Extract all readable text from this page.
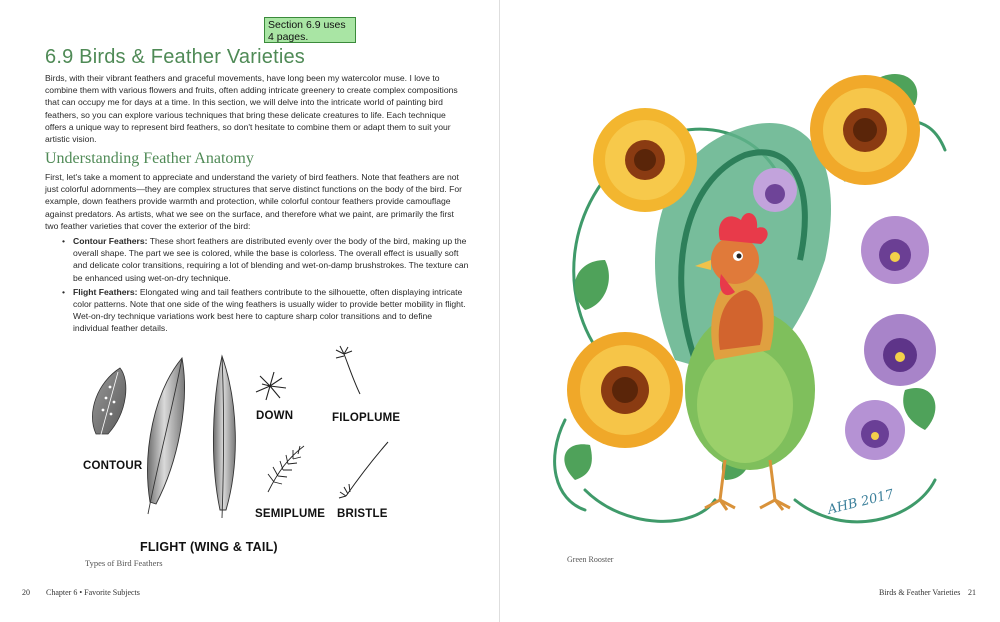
Section 6.9 uses 4 pages.
6.9 Birds & Feather Varieties

Birds, with their vibrant feathers and graceful movements, have long been my watercolor muse. I love to combine them with various flowers and fruits, often adding intricate greenery to create complex compositions that can occupy me for days at a time. In this section, we will delve into the intricate world of painting bird feathers, so you can explore various techniques that bring these delicate creatures to life. Each technique offers a unique way to represent bird feathers, so don't hesitate to combine them or adapt them to suit your artistic vision.

Understanding Feather Anatomy

First, let's take a moment to appreciate and understand the variety of bird feathers. Note that feathers are not just colorful adornments—they are complex structures that serve distinct functions on the body of the bird. For example, down feathers provide warmth and protection, while colorful contour feathers provide camouflage against predators. As artists, what we see on the surface, and therefore what we paint, are primarily the first two feather varieties that cover the exterior of the bird:

• Contour Feathers: These short feathers are distributed evenly over the body of the bird, making up the overall shape. The part we see is colored, while the base is colorless. The overall effect is usually soft and delicate color transitions, requiring a lot of blending and wet-on-damp brushstrokes. The texture can be enhanced using wet-on-dry technique.
• Flight Feathers: Elongated wing and tail feathers contribute to the silhouette, often displaying intricate color patterns. Note that one side of the wing feathers is usually wider to provide better mobility in flight. Wet-on-dry technique variations work best here to capture sharp color transitions and to define individual feather details.
CONTOUR
DOWN	FILOPLUME
SEMIPLUME BRISTLE
FLIGHT (WING & TAIL)
Types of Bird Feathers
20 Chapter 6 • Favorite Subjects
AHB 2017
Green Rooster
Birds & Feather Varieties 21
